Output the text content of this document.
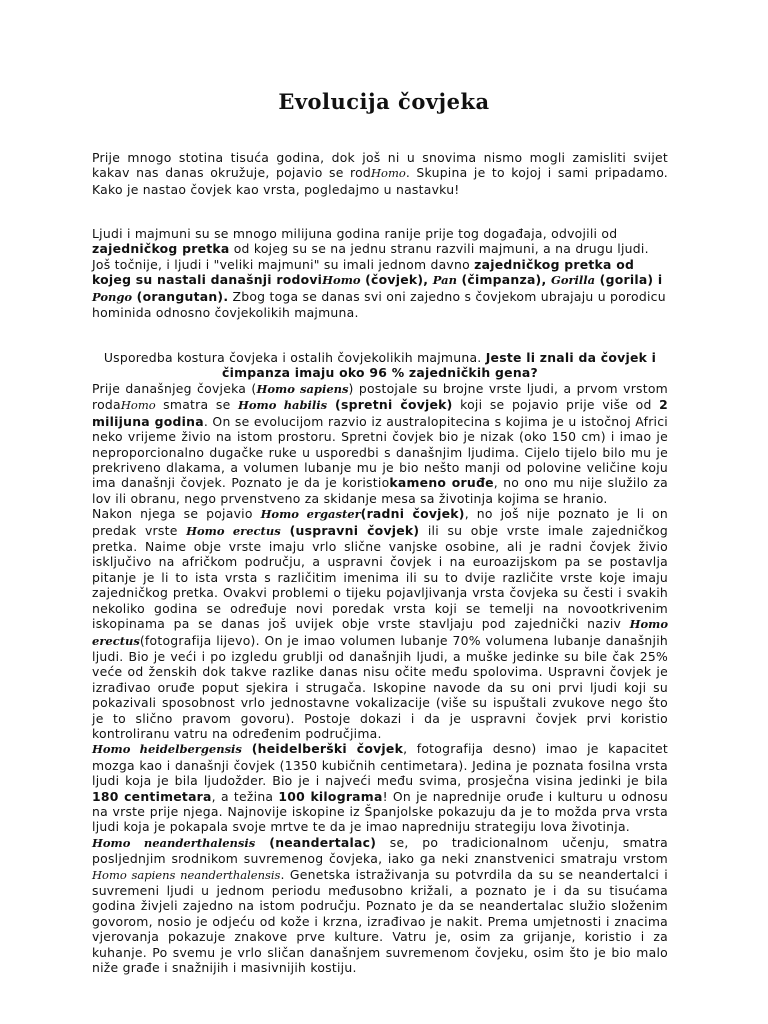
Evolucija čovjeka

Prije mnogo stotina tisuća godina, dok još ni u snovima nismo mogli zamisliti svijet kakav nas danas okružuje, pojavio se rodHomo. Skupina je to kojoj i sami pripadamo. Kako je nastao čovjek kao vrsta, pogledajmo u nastavku!

Ljudi i majmuni su se mnogo milijuna godina ranije prije tog događaja, odvojili od zajedničkog pretka od kojeg su se na jednu stranu razvili majmuni, a na drugu ljudi. Još točnije, i ljudi i "veliki majmuni" su imali jednom davno zajedničkog pretka od kojeg su nastali današnji rodoviHomo (čovjek), Pan (čimpanza), Gorilla (gorila) i Pongo (orangutan). Zbog toga se danas svi oni zajedno s čovjekom ubrajaju u porodicu hominida odnosno čovjekolikih majmuna.

Usporedba kostura čovjeka i ostalih čovjekolikih majmuna. Jeste li znali da čovjek i čimpanza imaju oko 96 % zajedničkih gena?

Prije današnjeg čovjeka (Homo sapiens) postojale su brojne vrste ljudi, a prvom vrstom rodaHomo smatra se Homo habilis (spretni čovjek) koji se pojavio prije više od 2 milijuna godina. On se evolucijom razvio iz australopitecina s kojima je u istočnoj Africi neko vrijeme živio na istom prostoru. Spretni čovjek bio je nizak (oko 150 cm) i imao je neproporcionalno dugačke ruke u usporedbi s današnjim ljudima. Cijelo tijelo bilo mu je prekriveno dlakama, a volumen lubanje mu je bio nešto manji od polovine veličine koju ima današnji čovjek. Poznato je da je koristiokameno oruđe, no ono mu nije služilo za lov ili obranu, nego prvenstveno za skidanje mesa sa životinja kojima se hranio.
Nakon njega se pojavio Homo ergaster(radni čovjek), no još nije poznato je li on predak vrste Homo erectus (uspravni čovjek) ili su obje vrste imale zajedničkog pretka. Naime obje vrste imaju vrlo slične vanjske osobine, ali je radni čovjek živio isključivo na afričkom području, a uspravni čovjek i na euroazijskom pa se postavlja pitanje je li to ista vrsta s različitim imenima ili su to dvije različite vrste koje imaju zajedničkog pretka. Ovakvi problemi o tijeku pojavljivanja vrsta čovjeka su česti i svakih nekoliko godina se određuje novi poredak vrsta koji se temelji na novootkrivenim iskopinama pa se danas još uvijek obje vrste stavljaju pod zajednički naziv Homo erectus(fotografija lijevo). On je imao volumen lubanje 70% volumena lubanje današnjih ljudi. Bio je veći i po izgledu grublji od današnjih ljudi, a muške jedinke su bile čak 25% veće od ženskih dok takve razlike danas nisu očite među spolovima. Uspravni čovjek je izrađivao oruđe poput sjekira i strugača. Iskopine navode da su oni prvi ljudi koji su pokazivali sposobnost vrlo jednostavne vokalizacije (više su ispuštali zvukove nego što je to slično pravom govoru). Postoje dokazi i da je uspravni čovjek prvi koristio kontroliranu vatru na određenim područjima.
Homo heidelbergensis (heidelberški čovjek, fotografija desno) imao je kapacitet mozga kao i današnji čovjek (1350 kubičnih centimetara). Jedina je poznata fosilna vrsta ljudi koja je bila ljudožder. Bio je i najveći među svima, prosječna visina jedinki je bila 180 centimetara, a težina 100 kilograma! On je naprednije oruđe i kulturu u odnosu na vrste prije njega. Najnovije iskopine iz Španjolske pokazuju da je to možda prva vrsta ljudi koja je pokapala svoje mrtve te da je imao napredniju strategiju lova životinja.
Homo neanderthalensis (neandertalac) se, po tradicionalnom učenju, smatra posljednjim srodnikom suvremenog čovjeka, iako ga neki znanstvenici smatraju vrstom Homo sapiens neanderthalensis. Genetska istraživanja su potvrdila da su se neandertalci i suvremeni ljudi u jednom periodu međusobno križali, a poznato je i da su tisućama godina živjeli zajedno na istom području. Poznato je da se neandertalac služio složenim govorom, nosio je odjeću od kože i krzna, izrađivao je nakit. Prema umjetnosti i znacima vjerovanja pokazuje znakove prve kulture. Vatru je, osim za grijanje, koristio i za kuhanje. Po svemu je vrlo sličan današnjem suvremenom čovjeku, osim što je bio malo niže građe i snažnijih i masivnijih kostiju.
